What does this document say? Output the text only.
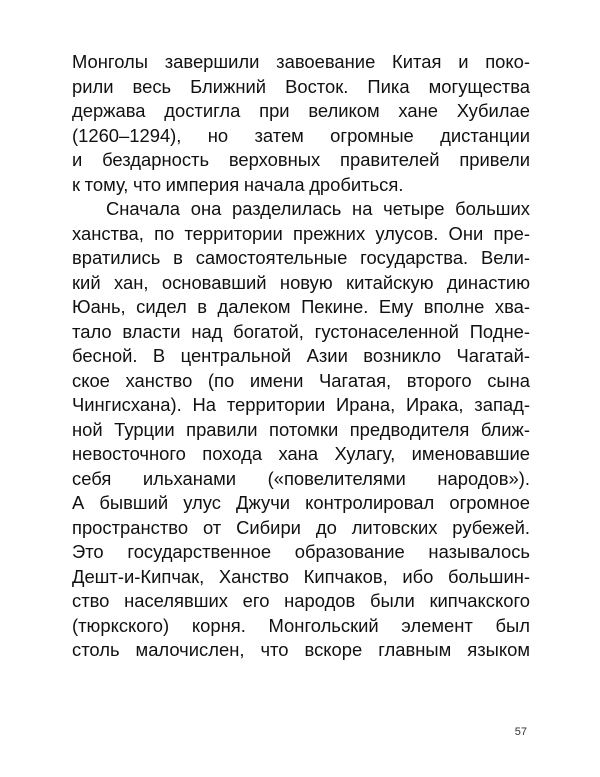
Монголы завершили завоевание Китая и поко-
рили весь Ближний Восток. Пика могущества
держава достигла при великом хане Хубилае
(1260–1294), но затем огромные дистанции
и бездарность верховных правителей привели
к тому, что империя начала дробиться.
Сначала она разделилась на четыре больших
ханства, по территории прежних улусов. Они пре-
вратились в самостоятельные государства. Вели-
кий хан, основавший новую китайскую династию
Юань, сидел в далеком Пекине. Ему вполне хва-
тало власти над богатой, густонаселенной Подне-
бесной. В центральной Азии возникло Чагатай-
ское ханство (по имени Чагатая, второго сына
Чингисхана). На территории Ирана, Ирака, запад-
ной Турции правили потомки предводителя ближ-
невосточного похода хана Хулагу, именовавшие
себя ильханами («повелителями народов»).
А бывший улус Джучи контролировал огромное
пространство от Сибири до литовских рубежей.
Это государственное образование называлось
Дешт-и-Кипчак, Ханство Кипчаков, ибо большин-
ство населявших его народов были кипчакского
(тюркского) корня. Монгольский элемент был
столь малочислен, что вскоре главным языком
57
